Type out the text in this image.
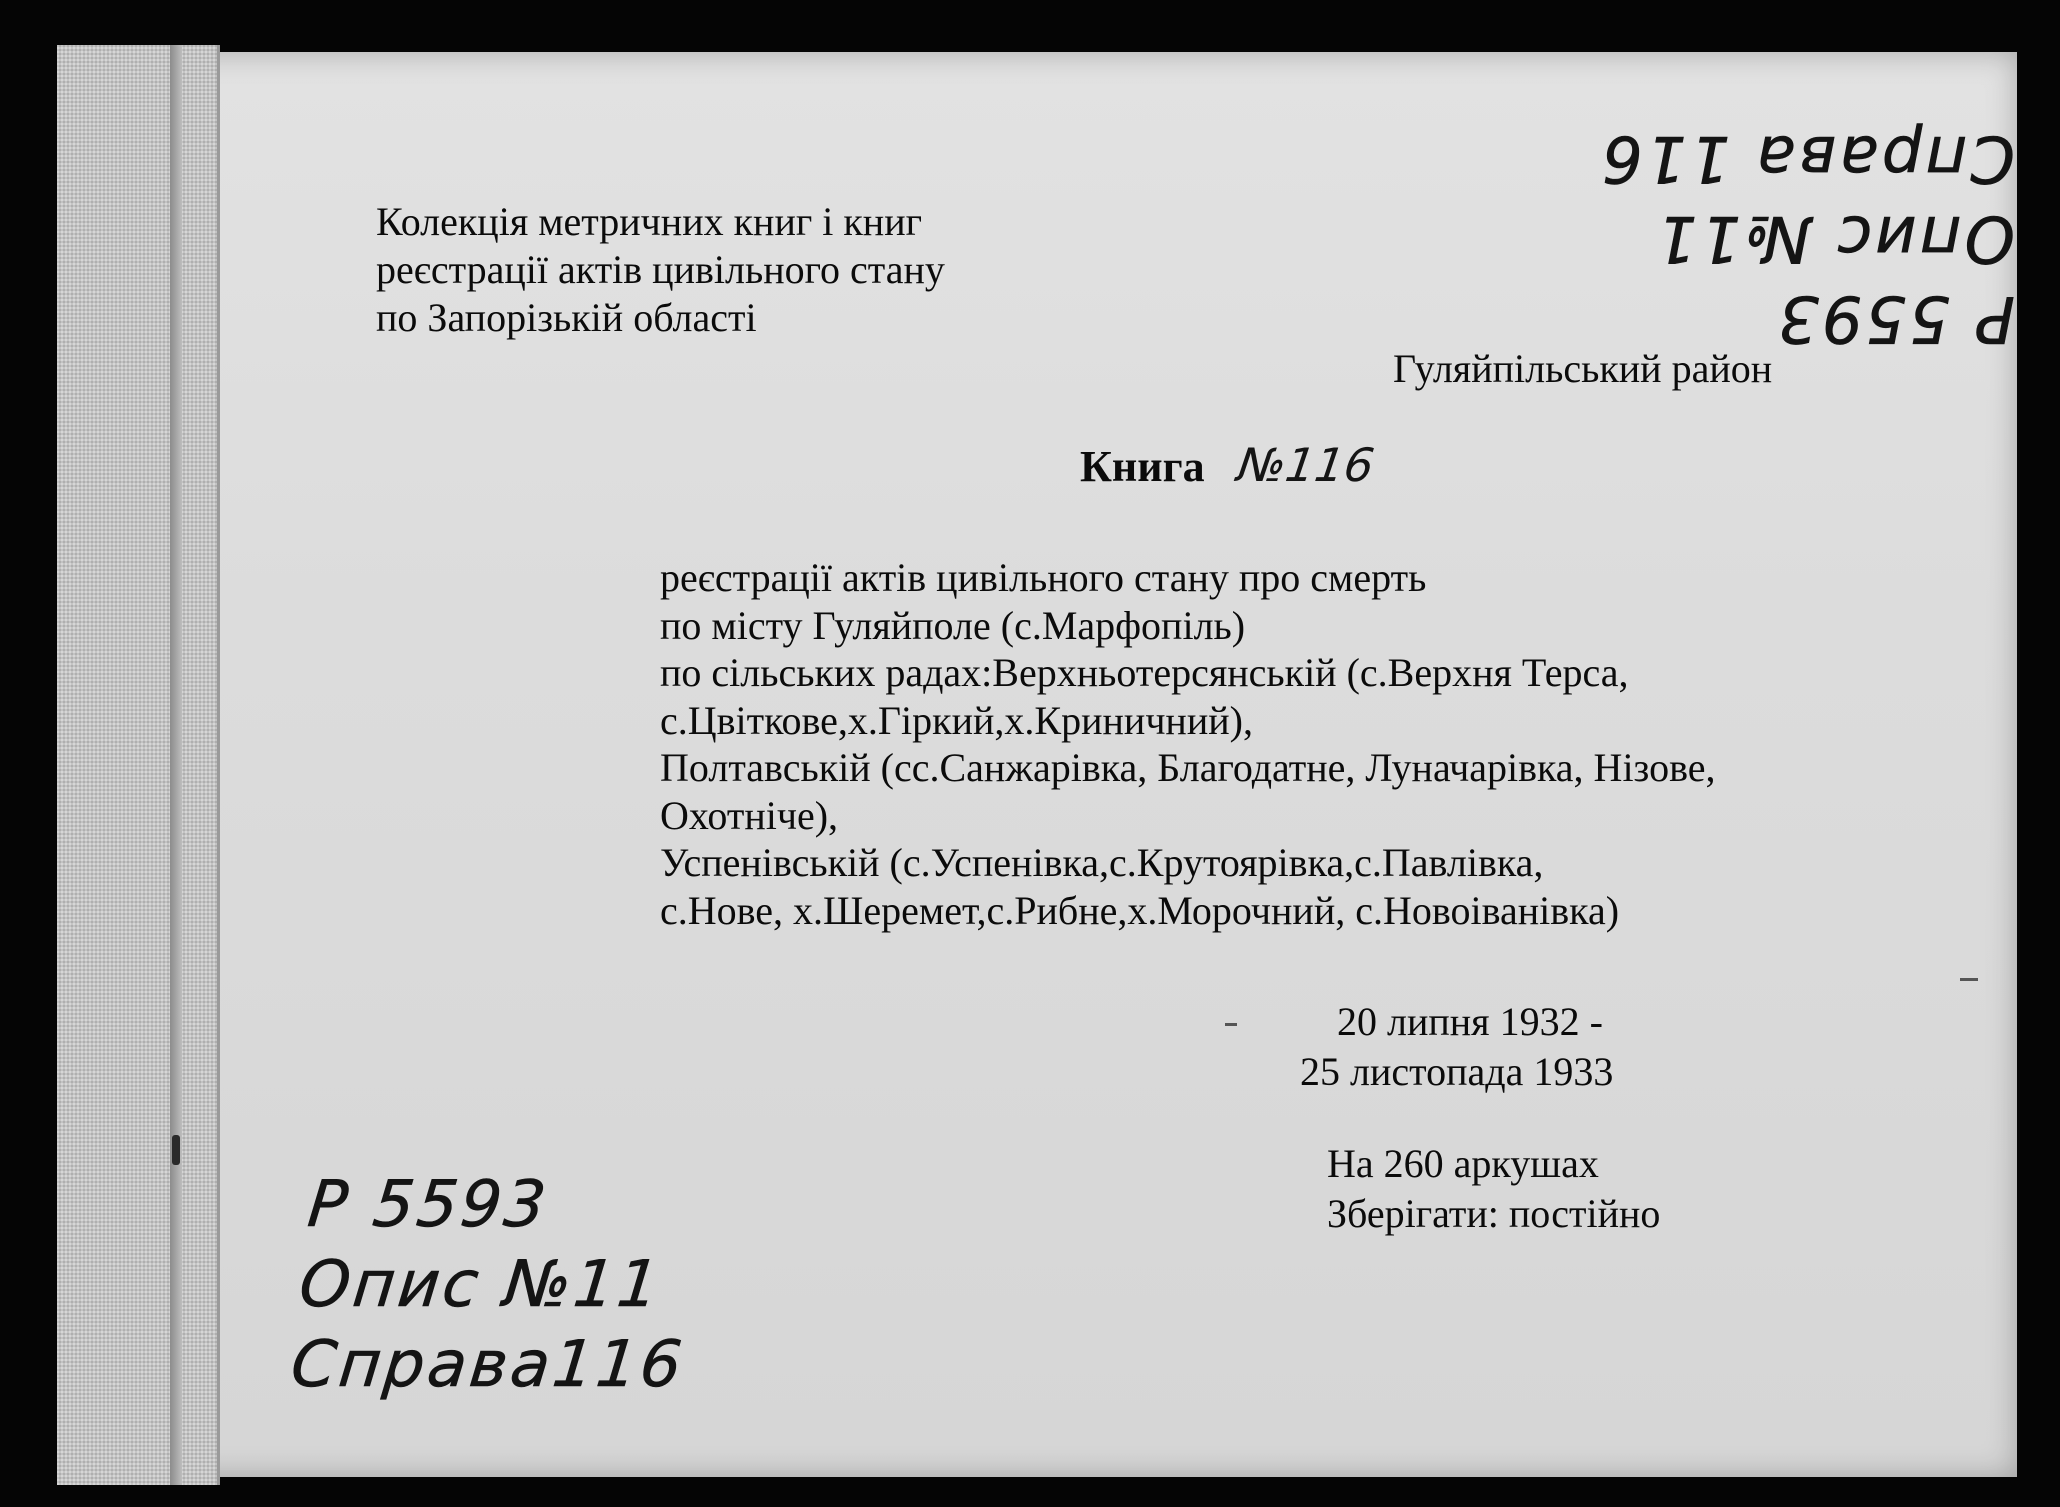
Колекція метричних книг і книг
реєстрації актів цивільного стану
по Запорізькій області
Гуляйпільський район
Книга №116
реєстрації актів цивільного стану про смерть
по місту Гуляйполе (с.Марфопіль)
по сільських радах:Верхньотерсянській (с.Верхня Терса,
с.Цвіткове,х.Гіркий,х.Криничний),
Полтавській (сс.Санжарівка, Благодатне, Луначарівка, Нізове,
Охотніче),
Успенівській (с.Успенівка,с.Крутоярівка,с.Павлівка,
с.Нове, х.Шеремет,с.Рибне,х.Морочний, с.Новоіванівка)
20 липня 1932 -
25 листопада 1933
На 260 аркушах
Зберігати: постійно
Р 5593
Опис №11
Справа116
Р 5593
Опис №11
Справа 116
